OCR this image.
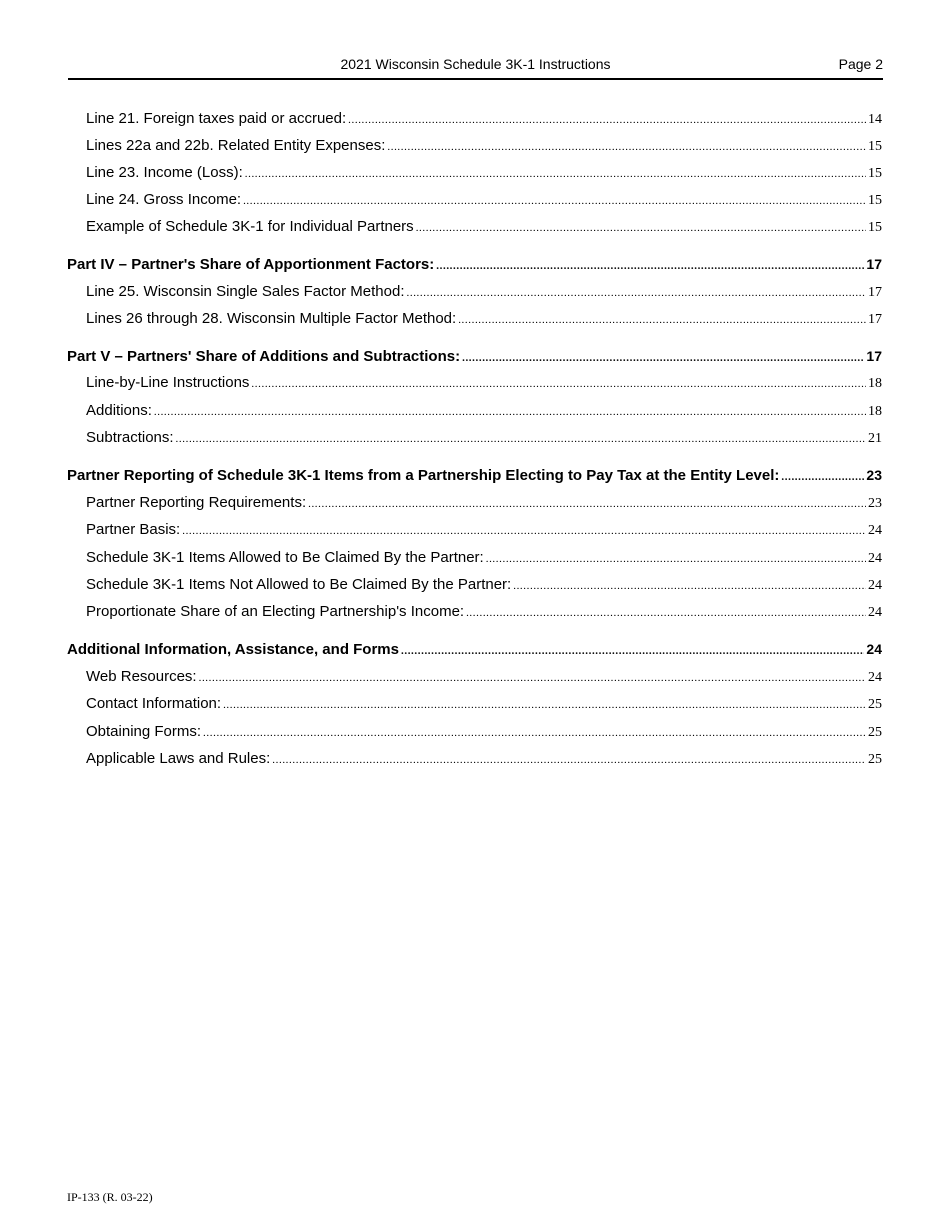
2021 Wisconsin Schedule 3K-1 Instructions	Page 2
Line 21. Foreign taxes paid or accrued: .....	14
Lines 22a and 22b. Related Entity Expenses: .....	15
Line 23. Income (Loss): .....	15
Line 24. Gross Income: .....	15
Example of Schedule 3K-1 for Individual Partners .....	15
Part IV – Partner's Share of Apportionment Factors: .....	17
Line 25. Wisconsin Single Sales Factor Method: .....	17
Lines 26 through 28. Wisconsin Multiple Factor Method: .....	17
Part V – Partners' Share of Additions and Subtractions: .....	17
Line-by-Line Instructions .....	18
Additions: .....	18
Subtractions: .....	21
Partner Reporting of Schedule 3K-1 Items from a Partnership Electing to Pay Tax at the Entity Level: .....	23
Partner Reporting Requirements: .....	23
Partner Basis: .....	24
Schedule 3K-1 Items Allowed to Be Claimed By the Partner: .....	24
Schedule 3K-1 Items Not Allowed to Be Claimed By the Partner: .....	24
Proportionate Share of an Electing Partnership's Income: .....	24
Additional Information, Assistance, and Forms .....	24
Web Resources: .....	24
Contact Information: .....	25
Obtaining Forms: .....	25
Applicable Laws and Rules: .....	25
IP-133 (R. 03-22)
